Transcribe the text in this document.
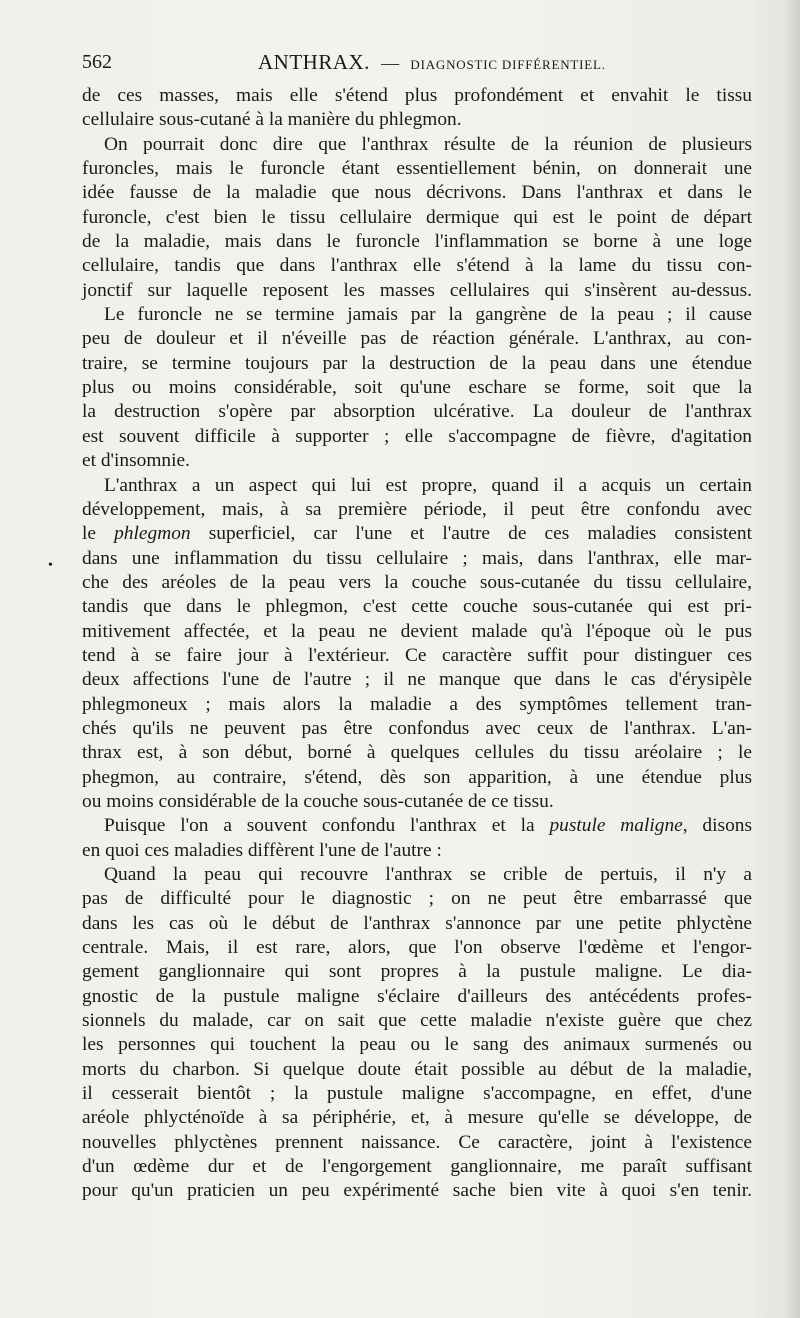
562	ANTHRAX. — DIAGNOSTIC DIFFÉRENTIEL.
•
de ces masses, mais elle s'étend plus profondément et envahit le tissu
cellulaire sous-cutané à la manière du phlegmon.
On pourrait donc dire que l'anthrax résulte de la réunion de plusieurs
furoncles, mais le furoncle étant essentiellement bénin, on donnerait une
idée fausse de la maladie que nous décrivons. Dans l'anthrax et dans le
furoncle, c'est bien le tissu cellulaire dermique qui est le point de départ
de la maladie, mais dans le furoncle l'inflammation se borne à une loge
cellulaire, tandis que dans l'anthrax elle s'étend à la lame du tissu con-
jonctif sur laquelle reposent les masses cellulaires qui s'insèrent au-dessus.
Le furoncle ne se termine jamais par la gangrène de la peau ; il cause
peu de douleur et il n'éveille pas de réaction générale. L'anthrax, au con-
traire, se termine toujours par la destruction de la peau dans une étendue
plus ou moins considérable, soit qu'une eschare se forme, soit que la
la destruction s'opère par absorption ulcérative. La douleur de l'anthrax
est souvent difficile à supporter ; elle s'accompagne de fièvre, d'agitation
et d'insomnie.
L'anthrax a un aspect qui lui est propre, quand il a acquis un certain
développement, mais, à sa première période, il peut être confondu avec
le phlegmon superficiel, car l'une et l'autre de ces maladies consistent
dans une inflammation du tissu cellulaire ; mais, dans l'anthrax, elle mar-
che des aréoles de la peau vers la couche sous-cutanée du tissu cellulaire,
tandis que dans le phlegmon, c'est cette couche sous-cutanée qui est pri-
mitivement affectée, et la peau ne devient malade qu'à l'époque où le pus
tend à se faire jour à l'extérieur. Ce caractère suffit pour distinguer ces
deux affections l'une de l'autre ; il ne manque que dans le cas d'érysipèle
phlegmoneux ; mais alors la maladie a des symptômes tellement tran-
chés qu'ils ne peuvent pas être confondus avec ceux de l'anthrax. L'an-
thrax est, à son début, borné à quelques cellules du tissu aréolaire ; le
phegmon, au contraire, s'étend, dès son apparition, à une étendue plus
ou moins considérable de la couche sous-cutanée de ce tissu.
Puisque l'on a souvent confondu l'anthrax et la pustule maligne, disons
en quoi ces maladies diffèrent l'une de l'autre :
Quand la peau qui recouvre l'anthrax se crible de pertuis, il n'y a
pas de difficulté pour le diagnostic ; on ne peut être embarrassé que
dans les cas où le début de l'anthrax s'annonce par une petite phlyctène
centrale. Mais, il est rare, alors, que l'on observe l'œdème et l'engor-
gement ganglionnaire qui sont propres à la pustule maligne. Le dia-
gnostic de la pustule maligne s'éclaire d'ailleurs des antécédents profes-
sionnels du malade, car on sait que cette maladie n'existe guère que chez
les personnes qui touchent la peau ou le sang des animaux surmenés ou
morts du charbon. Si quelque doute était possible au début de la maladie,
il cesserait bientôt ; la pustule maligne s'accompagne, en effet, d'une
aréole phlycténoïde à sa périphérie, et, à mesure qu'elle se développe, de
nouvelles phlyctènes prennent naissance. Ce caractère, joint à l'existence
d'un œdème dur et de l'engorgement ganglionnaire, me paraît suffisant
pour qu'un praticien un peu expérimenté sache bien vite à quoi s'en tenir.
